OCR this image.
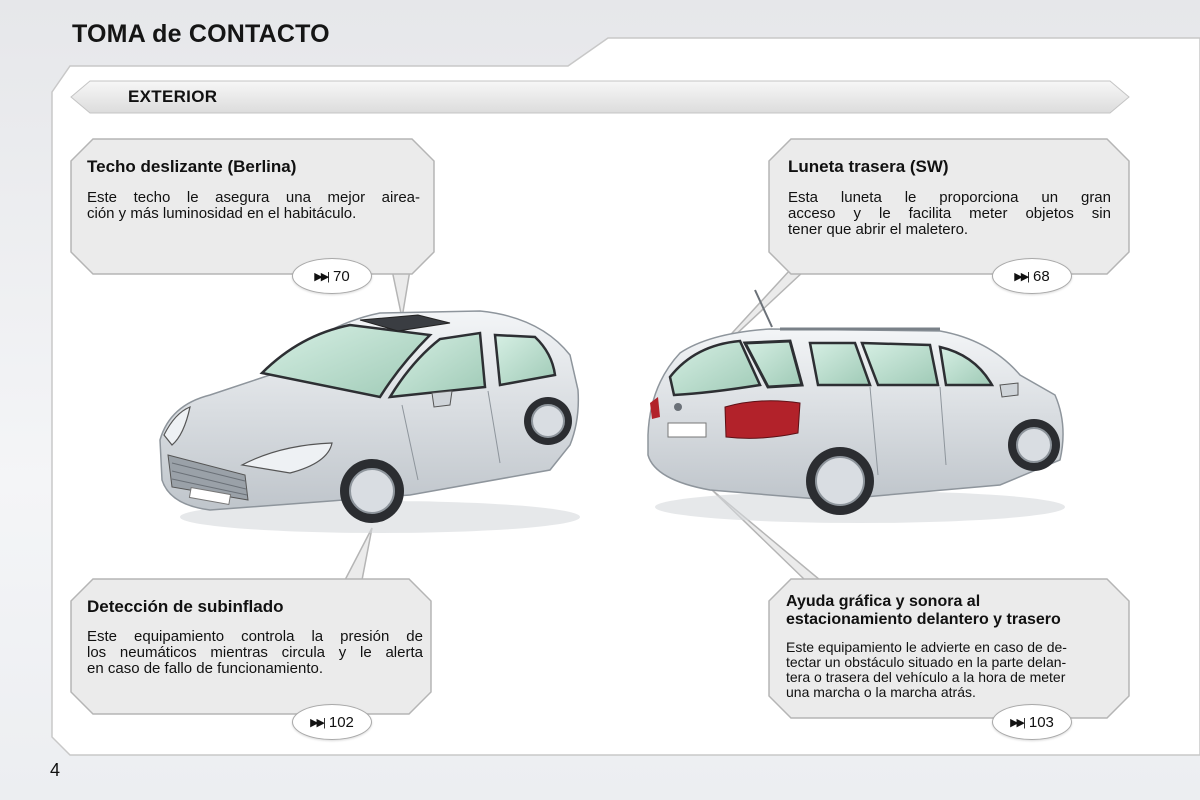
TOMA de CONTACTO
EXTERIOR
Techo deslizante (Berlina)
Este techo le asegura una mejor airea-
ción y más luminosidad en el habitáculo.
▶▶| 70
Luneta trasera (SW)
Esta luneta le proporciona un gran
acceso y le facilita meter objetos sin
tener que abrir el maletero.
▶▶| 68
Detección de subinflado
Este equipamiento controla la presión de
los neumáticos mientras circula y le alerta
en caso de fallo de funcionamiento.
▶▶| 102
Ayuda gráfica y sonora al
estacionamiento delantero y trasero
Este equipamiento le advierte en caso de de-
tectar un obstáculo situado en la parte delan-
tera o trasera del vehículo a la hora de meter
una marcha o la marcha atrás.
▶▶| 103
4
